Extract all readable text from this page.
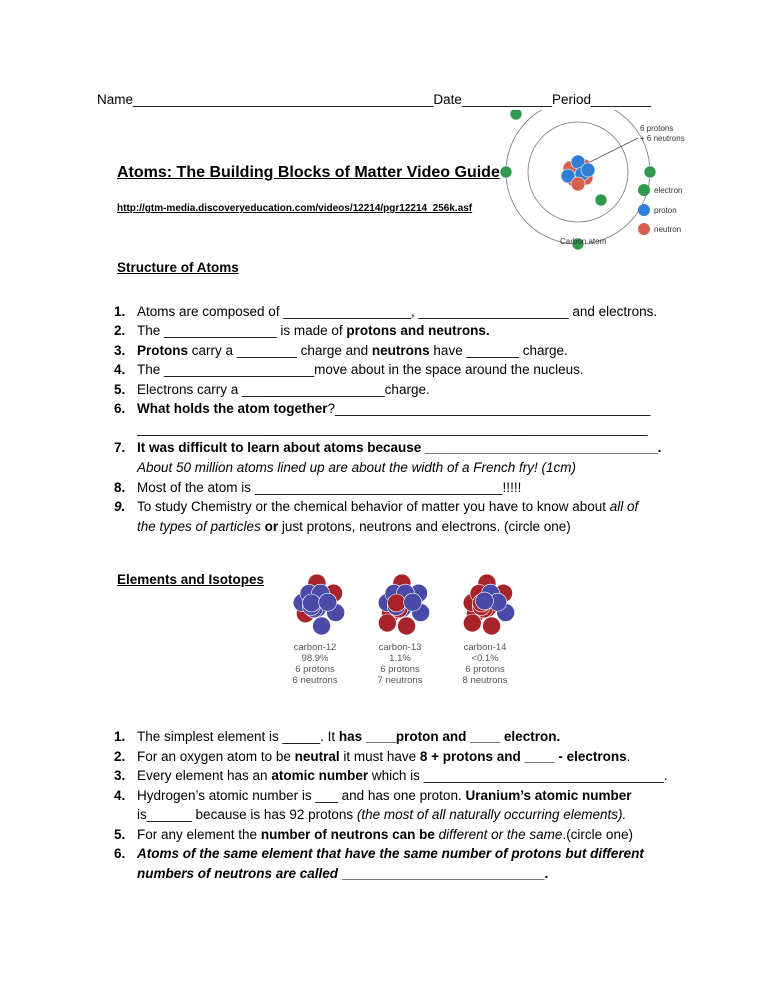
Name________________________________________Date____________Period________
Atoms: The Building Blocks of Matter Video Guide
http://gtm-media.discoveryeducation.com/videos/12214/pgr12214_256k.asf
6 protons
+ 6 neutrons
electron
proton
neutron
Carbon atom
Structure of Atoms
1. Atoms are composed of _________________, ____________________ and electrons.
2. The _______________ is made of protons and neutrons.
3. Protons carry a ________ charge and neutrons have _______ charge.
4. The ____________________move about in the space around the nucleus.
5. Electrons carry a ___________________charge.
6. What holds the atom together?__________________________________________
____________________________________________________________________
7. It was difficult to learn about atoms because _______________________________.
About 50 million atoms lined up are about the width of a French fry! (1cm)
8. Most of the atom is _________________________________!!!!!
9. To study Chemistry or the chemical behavior of matter you have to know about all of
the types of particles or just protons, neutrons and electrons. (circle one)
Elements and Isotopes
carbon-12
98.9%
6 protons
6 neutrons
carbon-13
1.1%
6 protons
7 neutrons
carbon-14
<0.1%
6 protons
8 neutrons
1. The simplest element is _____. It has ____proton and ____ electron.
2. For an oxygen atom to be neutral it must have 8 + protons and ____ - electrons.
3. Every element has an atomic number which is ________________________________.
4. Hydrogen’s atomic number is ___ and has one proton. Uranium’s atomic number
is______ because is has 92 protons (the most of all naturally occurring elements).
5. For any element the number of neutrons can be different or the same.(circle one)
6. Atoms of the same element that have the same number of protons but different
numbers of neutrons are called ___________________________.
